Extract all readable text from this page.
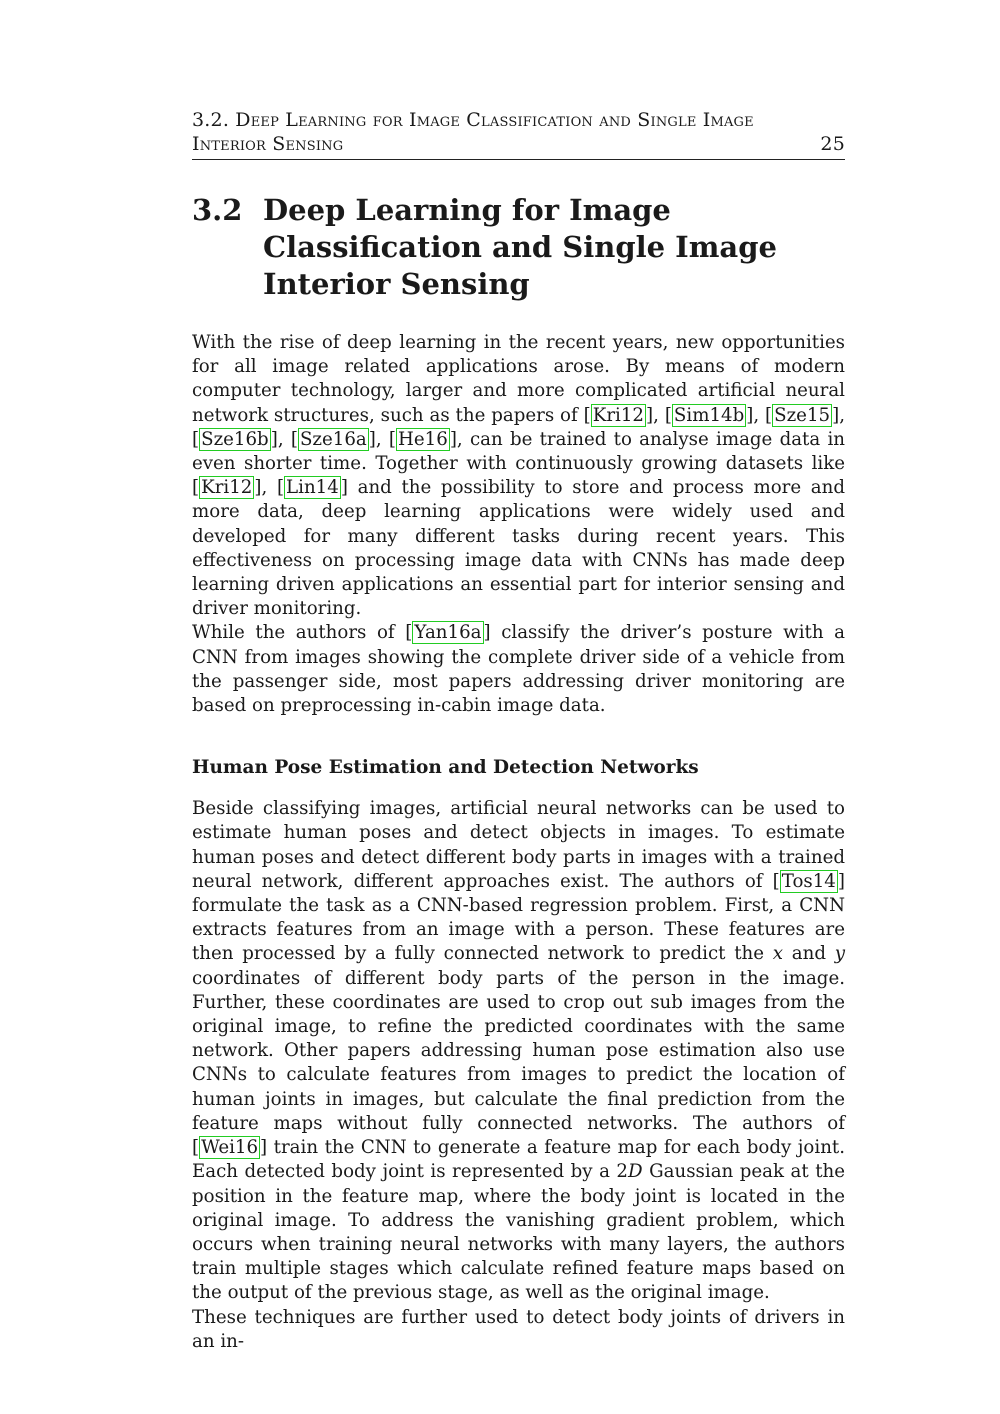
3.2. Deep Learning for Image Classification and Single Image
Interior Sensing	25
3.2 Deep Learning for Image Classification and Single Image Interior Sensing

With the rise of deep learning in the recent years, new opportunities for all image related applications arose. By means of modern computer technology, larger and more complicated artificial neural network structures, such as the papers of [ Kri12 ], [ Sim14b ], [ Sze15 ], [ Sze16b ], [ Sze16a ], [ He16 ], can be trained to analyse image data in even shorter time. Together with continuously growing datasets like [ Kri12 ], [ Lin14 ] and the possibility to store and process more and more data, deep learning applications were widely used and developed for many different tasks during recent years. This effectiveness on processing image data with CNNs has made deep learning driven applications an essential part for interior sensing and driver monitoring.

While the authors of [ Yan16a ] classify the driver’s posture with a CNN from images showing the complete driver side of a vehicle from the passenger side, most papers addressing driver monitoring are based on preprocessing in-cabin image data.

Human Pose Estimation and Detection Networks

Beside classifying images, artificial neural networks can be used to estimate human poses and detect objects in images. To estimate human poses and detect different body parts in images with a trained neural network, different approaches exist. The authors of [ Tos14 ] formulate the task as a CNN-based regression problem. First, a CNN extracts features from an image with a person. These features are then processed by a fully connected network to predict the x and y coordinates of different body parts of the person in the image. Further, these coordinates are used to crop out sub images from the original image, to refine the predicted coordinates with the same network. Other papers addressing human pose estimation also use CNNs to calculate features from images to predict the location of human joints in images, but calculate the final prediction from the feature maps without fully connected networks. The authors of [ Wei16 ] train the CNN to generate a feature map for each body joint. Each detected body joint is represented by a 2D Gaussian peak at the position in the feature map, where the body joint is located in the original image. To address the vanishing gradient problem, which occurs when training neural networks with many layers, the authors train multiple stages which calculate refined feature maps based on the output of the previous stage, as well as the original image.

These techniques are further used to detect body joints of drivers in an in-
